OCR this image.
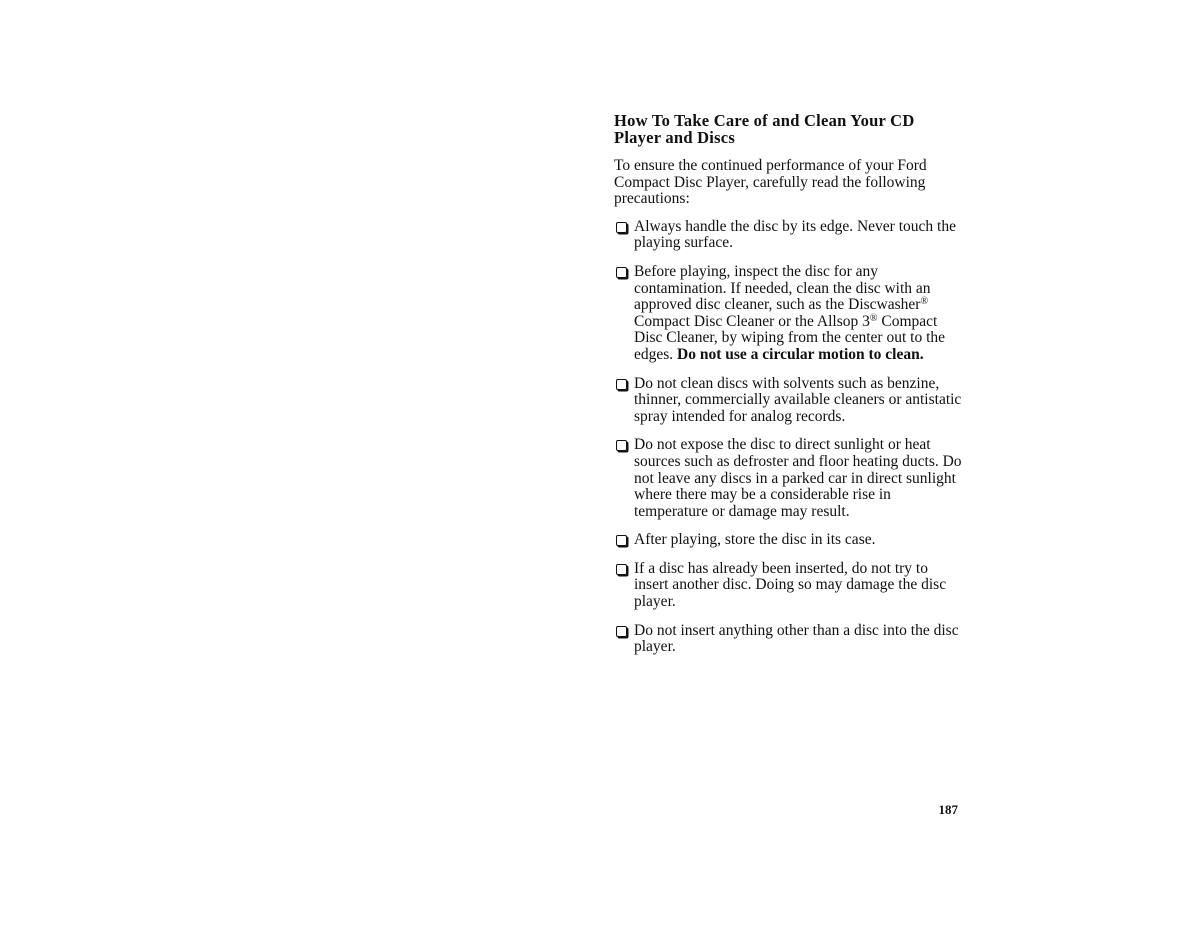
How To Take Care of and Clean Your CD
Player and Discs

To ensure the continued performance of your Ford Compact Disc Player, carefully read the following precautions:

Always handle the disc by its edge. Never touch the playing surface.
Before playing, inspect the disc for any contamination. If needed, clean the disc with an approved disc cleaner, such as the Discwasher® Compact Disc Cleaner or the Allsop 3® Compact Disc Cleaner, by wiping from the center out to the edges. Do not use a circular motion to clean.
Do not clean discs with solvents such as benzine, thinner, commercially available cleaners or antistatic spray intended for analog records.
Do not expose the disc to direct sunlight or heat sources such as defroster and floor heating ducts. Do not leave any discs in a parked car in direct sunlight where there may be a considerable rise in temperature or damage may result.
After playing, store the disc in its case.
If a disc has already been inserted, do not try to insert another disc. Doing so may damage the disc player.
Do not insert anything other than a disc into the disc player.
187
